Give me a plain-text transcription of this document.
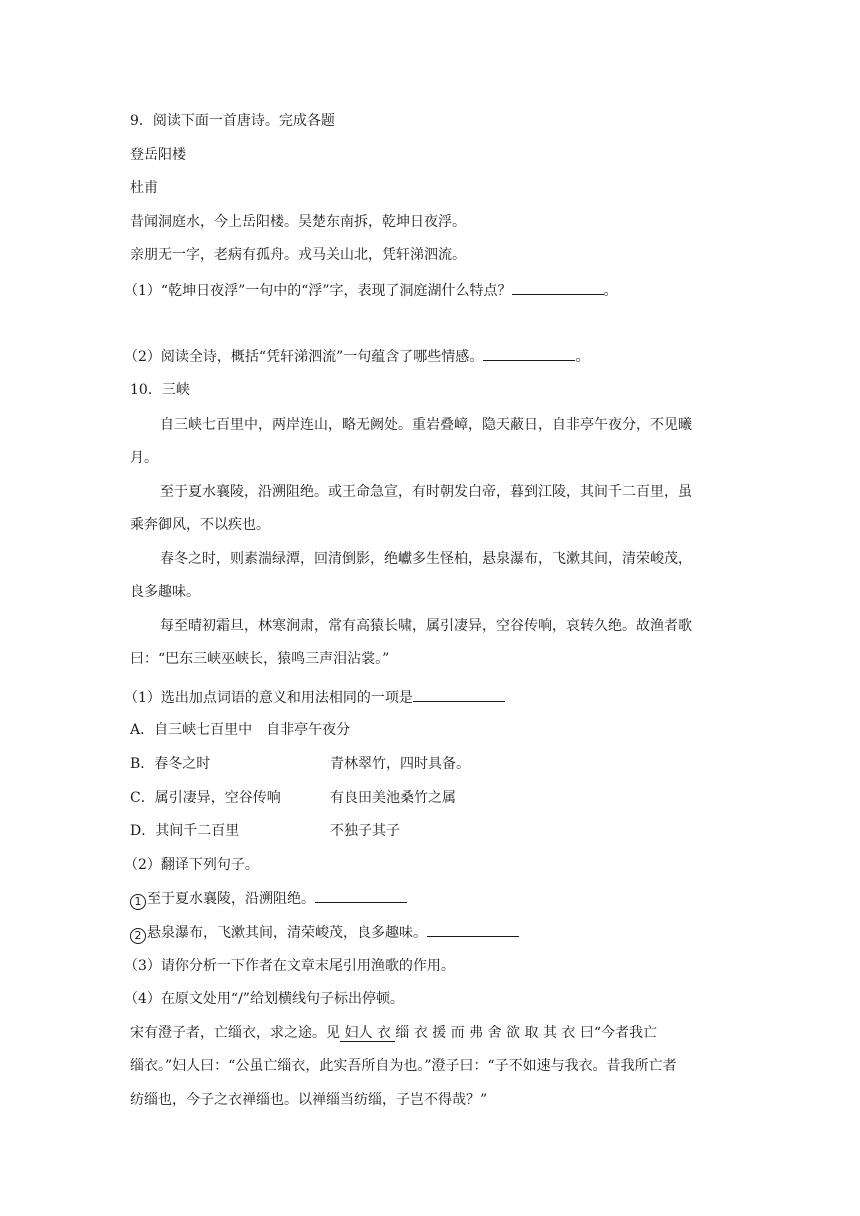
9．阅读下面一首唐诗。完成各题
登岳阳楼
杜甫
昔闻洞庭水，今上岳阳楼。吴楚东南拆，乾坤日夜浮。
亲朋无一字，老病有孤舟。戎马关山北，凭轩涕泗流。
（1）“乾坤日夜浮”一句中的“浮”字，表现了洞庭湖什么特点？	。
（2）阅读全诗，概括“凭轩涕泗流”一句蕴含了哪些情感。	。
10．三峡
自三峡七百里中，两岸连山，略无阙处。重岩叠嶂，隐天蔽日，自非亭午夜分，不见曦
月。
至于夏水襄陵，沿溯阻绝。或王命急宣，有时朝发白帝，暮到江陵，其间千二百里，虽
乘奔御风，不以疾也。
春冬之时，则素湍绿潭，回清倒影，绝巘多生怪柏，悬泉瀑布，飞漱其间，清荣峻茂，
良多趣味。
每至晴初霜旦，林寒涧肃，常有高猿长啸，属引凄异，空谷传响，哀转久绝。故渔者歌
曰：“巴东三峡巫峡长，猿鸣三声泪沾裳。”
（1）选出加点词语的意义和用法相同的一项是
A．自三峡七百里中　自非亭午夜分
B．春冬之时	青林翠竹，四时具备。
C．属引凄异，空谷传响	有良田美池桑竹之属
D．其间千二百里	不独子其子
（2）翻译下列句子。
1 至于夏水襄陵，沿溯阻绝。
2 悬泉瀑布，飞漱其间，清荣峻茂，良多趣味。
（3）请你分析一下作者在文章末尾引用渔歌的作用。
（4）在原文处用“/”给划横线句子标出停顿。
宋有澄子者，亡缁衣，求之途。见 妇人 衣 缁 衣 援 而 弗 舍 欲 取 其 衣 曰“今者我亡
缁衣。”妇人曰：“公虽亡缁衣，此实吾所自为也。”澄子曰：“子不如速与我衣。昔我所亡者
纺缁也，今子之衣禅缁也。以禅缁当纺缁，子岂不得哉？”
